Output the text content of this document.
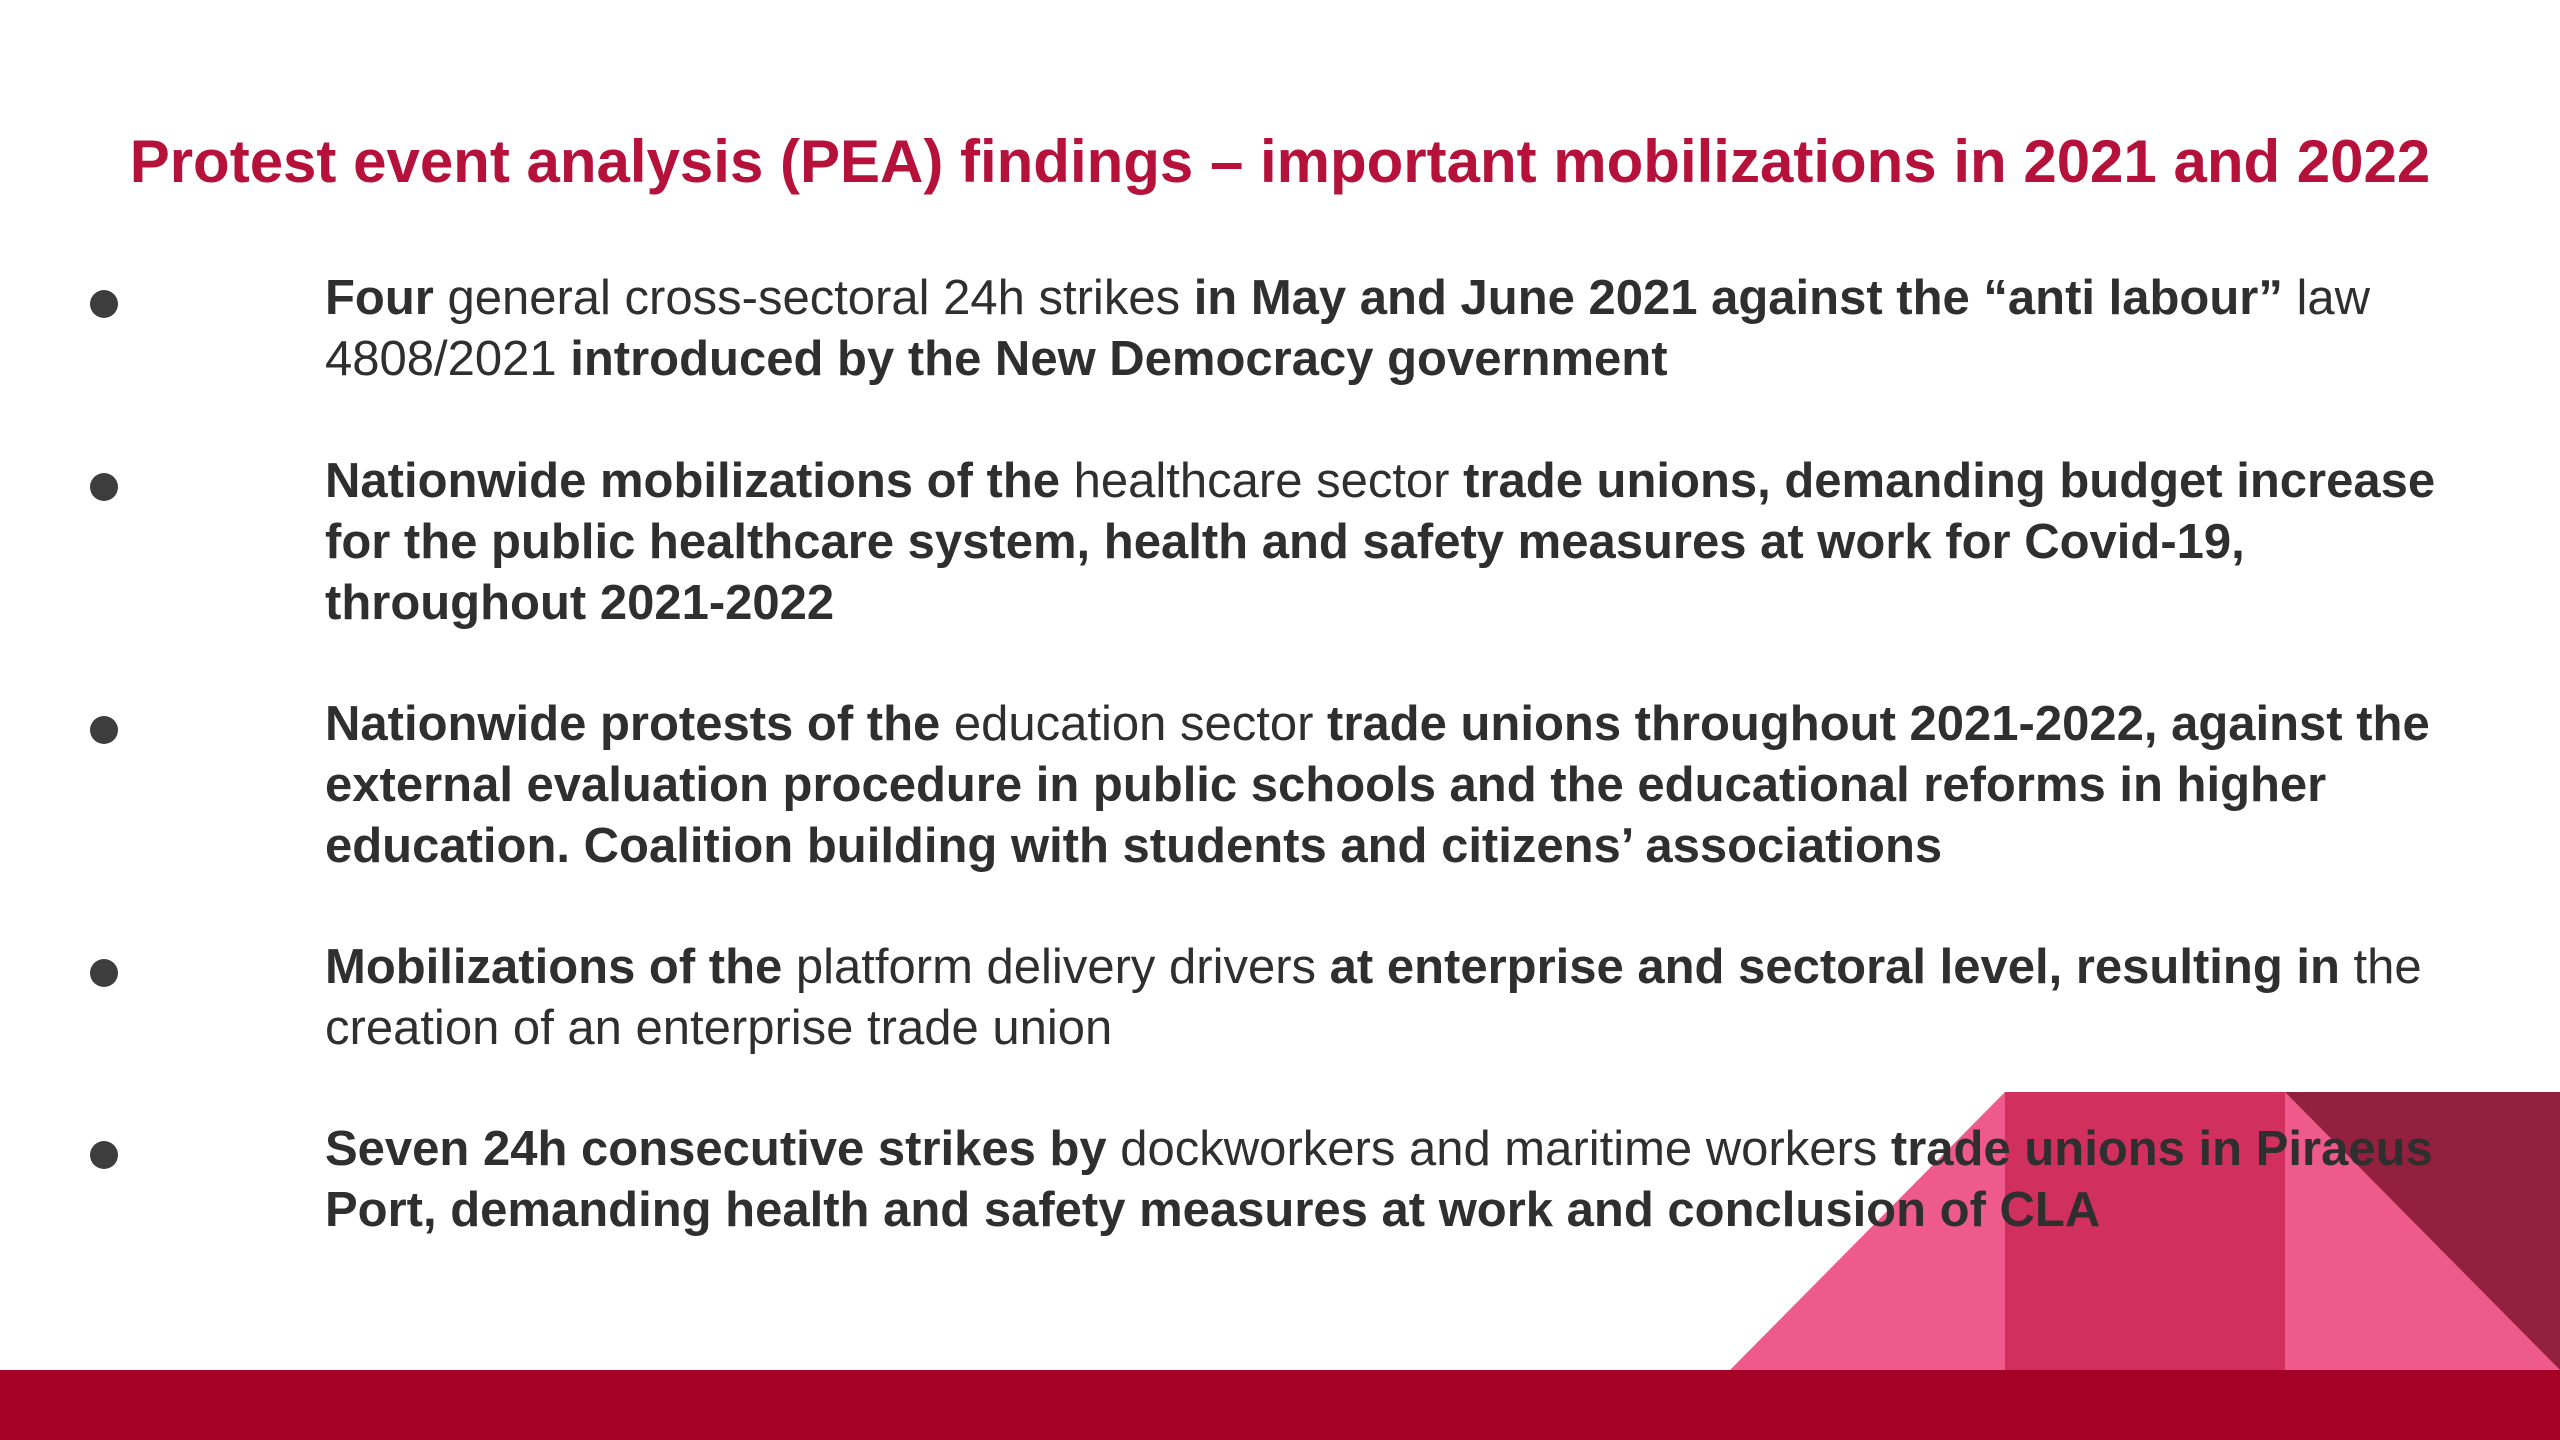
Protest event analysis (PEA) findings – important mobilizations in 2021 and 2022

Four general cross-sectoral 24h strikes in May and June 2021 against the “anti labour” law 4808/2021 introduced by the New Democracy government

Nationwide mobilizations of the healthcare sector trade unions, demanding budget increase for the public healthcare system, health and safety measures at work for Covid-19, throughout 2021-2022

Nationwide protests of the education sector trade unions throughout 2021-2022, against the external evaluation procedure in public schools and the educational reforms in higher education. Coalition building with students and citizens’ associations

Mobilizations of the platform delivery drivers at enterprise and sectoral level, resulting in the creation of an enterprise trade union

Seven 24h consecutive strikes by dockworkers and maritime workers trade unions in Piraeus Port, demanding health and safety measures at work and conclusion of CLA
